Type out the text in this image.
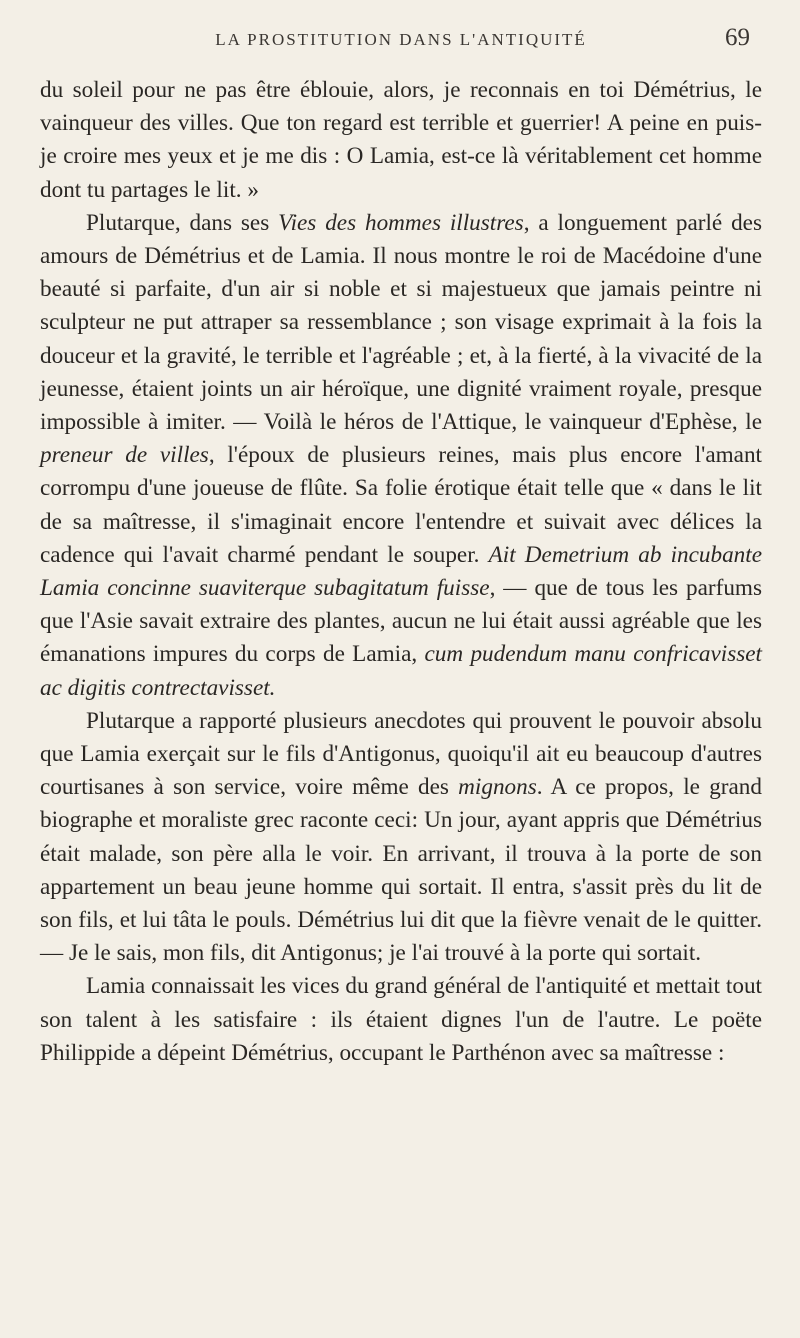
LA PROSTITUTION DANS L'ANTIQUITÉ	69

du soleil pour ne pas être éblouie, alors, je reconnais en toi Démétrius, le vainqueur des villes. Que ton regard est terrible et guerrier! A peine en puis-je croire mes yeux et je me dis : O Lamia, est-ce là véritablement cet homme dont tu partages le lit. »

Plutarque, dans ses Vies des hommes illustres, a longuement parlé des amours de Démétrius et de Lamia. Il nous montre le roi de Macédoine d'une beauté si parfaite, d'un air si noble et si majestueux que jamais peintre ni sculpteur ne put attraper sa ressemblance ; son visage exprimait à la fois la douceur et la gravité, le terrible et l'agréable ; et, à la fierté, à la vivacité de la jeunesse, étaient joints un air héroïque, une dignité vraiment royale, presque impossible à imiter. — Voilà le héros de l'Attique, le vainqueur d'Ephèse, le preneur de villes, l'époux de plusieurs reines, mais plus encore l'amant corrompu d'une joueuse de flûte. Sa folie érotique était telle que « dans le lit de sa maîtresse, il s'imaginait encore l'entendre et suivait avec délices la cadence qui l'avait charmé pendant le souper. Ait Demetrium ab incubante Lamia concinne suaviterque subagitatum fuisse, — que de tous les parfums que l'Asie savait extraire des plantes, aucun ne lui était aussi agréable que les émanations impures du corps de Lamia, cum pudendum manu confricavisset ac digitis contrectavisset.

Plutarque a rapporté plusieurs anecdotes qui prouvent le pouvoir absolu que Lamia exerçait sur le fils d'Antigonus, quoiqu'il ait eu beaucoup d'autres courtisanes à son service, voire même des mignons. A ce propos, le grand biographe et moraliste grec raconte ceci: Un jour, ayant appris que Démétrius était malade, son père alla le voir. En arrivant, il trouva à la porte de son appartement un beau jeune homme qui sortait. Il entra, s'assit près du lit de son fils, et lui tâta le pouls. Démétrius lui dit que la fièvre venait de le quitter. — Je le sais, mon fils, dit Antigonus; je l'ai trouvé à la porte qui sortait.

Lamia connaissait les vices du grand général de l'antiquité et mettait tout son talent à les satisfaire : ils étaient dignes l'un de l'autre. Le poëte Philippide a dépeint Démétrius, occupant le Parthénon avec sa maîtresse :
